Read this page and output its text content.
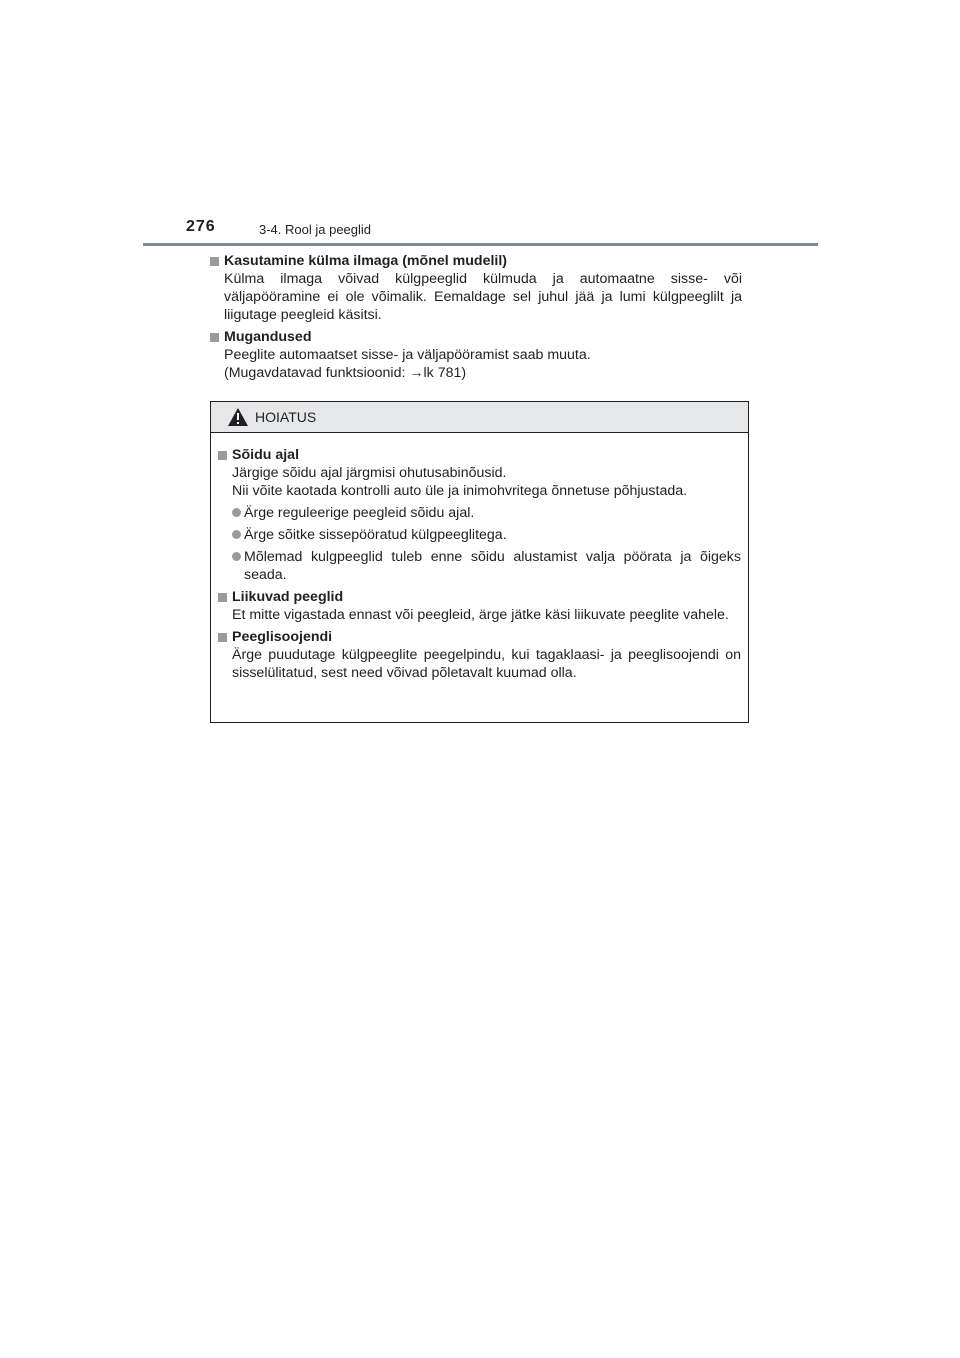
276	3-4. Rool ja peeglid
Kasutamine külma ilmaga (mõnel mudelil)
Külma ilmaga võivad külgpeeglid külmuda ja automaatne sisse- või väljapööramine ei ole võimalik. Eemaldage sel juhul jää ja lumi külgpeeglilt ja liigutage peegleid käsitsi.
Mugandused
Peeglite automaatset sisse- ja väljapööramist saab muuta.
(Mugavdatavad funktsioonid: →lk 781)
HOIATUS
Sõidu ajal
Järgige sõidu ajal järgmisi ohutusabinõusid.
Nii võite kaotada kontrolli auto üle ja inimohvritega õnnetuse põhjustada.
Ärge reguleerige peegleid sõidu ajal.
Ärge sõitke sissepööratud külgpeeglitega.
Mõlemad kulgpeeglid tuleb enne sõidu alustamist valja pöörata ja õigeks seada.
Liikuvad peeglid
Et mitte vigastada ennast või peegleid, ärge jätke käsi liikuvate peeglite vahele.
Peeglisoojendi
Ärge puudutage külgpeeglite peegelpindu, kui tagaklaasi- ja peeglisoojendi on sisselülitatud, sest need võivad põletavalt kuumad olla.
